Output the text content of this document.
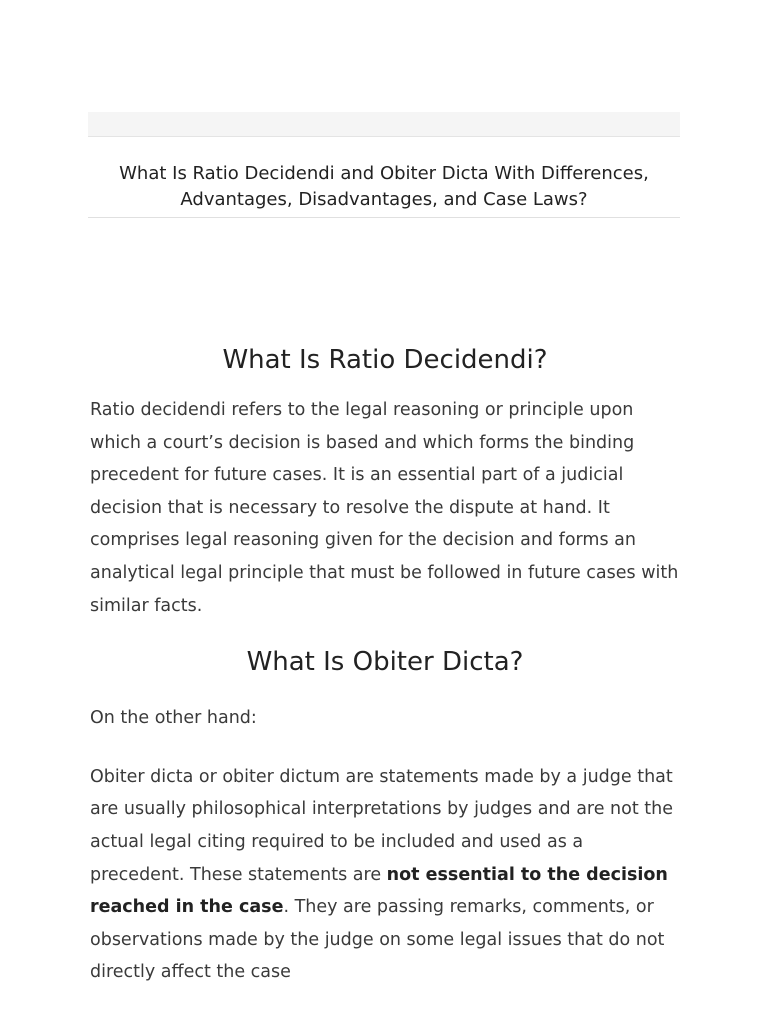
What Is Ratio Decidendi and Obiter Dicta With Differences, Advantages, Disadvantages, and Case Laws?

What Is Ratio Decidendi?

Ratio decidendi refers to the legal reasoning or principle upon which a court’s decision is based and which forms the binding precedent for future cases. It is an essential part of a judicial decision that is necessary to resolve the dispute at hand. It comprises legal reasoning given for the decision and forms an analytical legal principle that must be followed in future cases with similar facts.

What Is Obiter Dicta?

On the other hand:

Obiter dicta or obiter dictum are statements made by a judge that are usually philosophical interpretations by judges and are not the actual legal citing required to be included and used as a precedent. These statements are not essential to the decision reached in the case. They are passing remarks, comments, or observations made by the judge on some legal issues that do not directly affect the case
